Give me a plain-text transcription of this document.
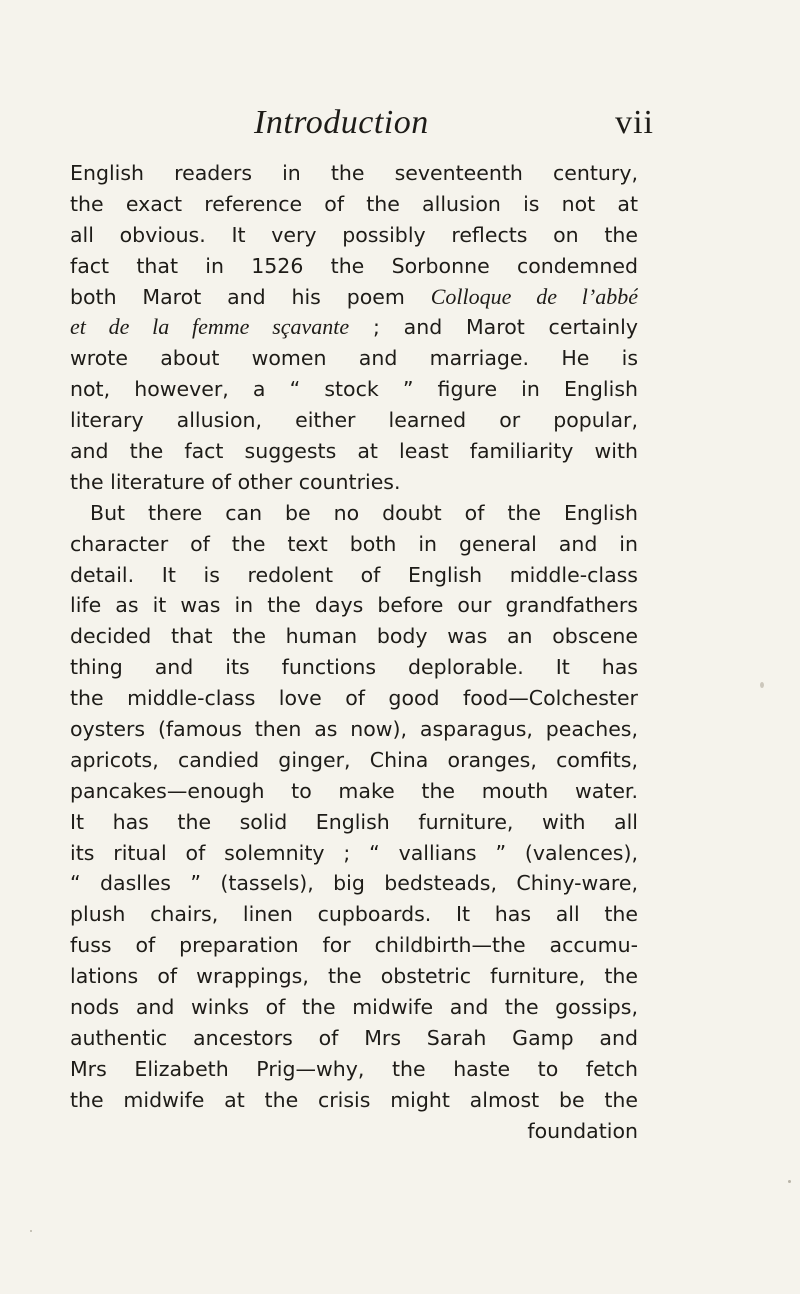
Introduction	vii
English readers in the seventeenth century,
the exact reference of the allusion is not at
all obvious. It very possibly reflects on the
fact that in 1526 the Sorbonne condemned
both Marot and his poem Colloque de l’abbé
et de la femme sçavante ; and Marot certainly
wrote about women and marriage. He is
not, however, a “ stock ” figure in English
literary allusion, either learned or popular,
and the fact suggests at least familiarity with
the literature of other countries.
But there can be no doubt of the English
character of the text both in general and in
detail. It is redolent of English middle-class
life as it was in the days before our grandfathers
decided that the human body was an obscene
thing and its functions deplorable. It has
the middle-class love of good food—Colchester
oysters (famous then as now), asparagus, peaches,
apricots, candied ginger, China oranges, comfits,
pancakes—enough to make the mouth water.
It has the solid English furniture, with all
its ritual of solemnity ; “ vallians ” (valences),
“ daslles ” (tassels), big bedsteads, Chiny-ware,
plush chairs, linen cupboards. It has all the
fuss of preparation for childbirth—the accumu-
lations of wrappings, the obstetric furniture, the
nods and winks of the midwife and the gossips,
authentic ancestors of Mrs Sarah Gamp and
Mrs Elizabeth Prig—why, the haste to fetch
the midwife at the crisis might almost be the
foundation
